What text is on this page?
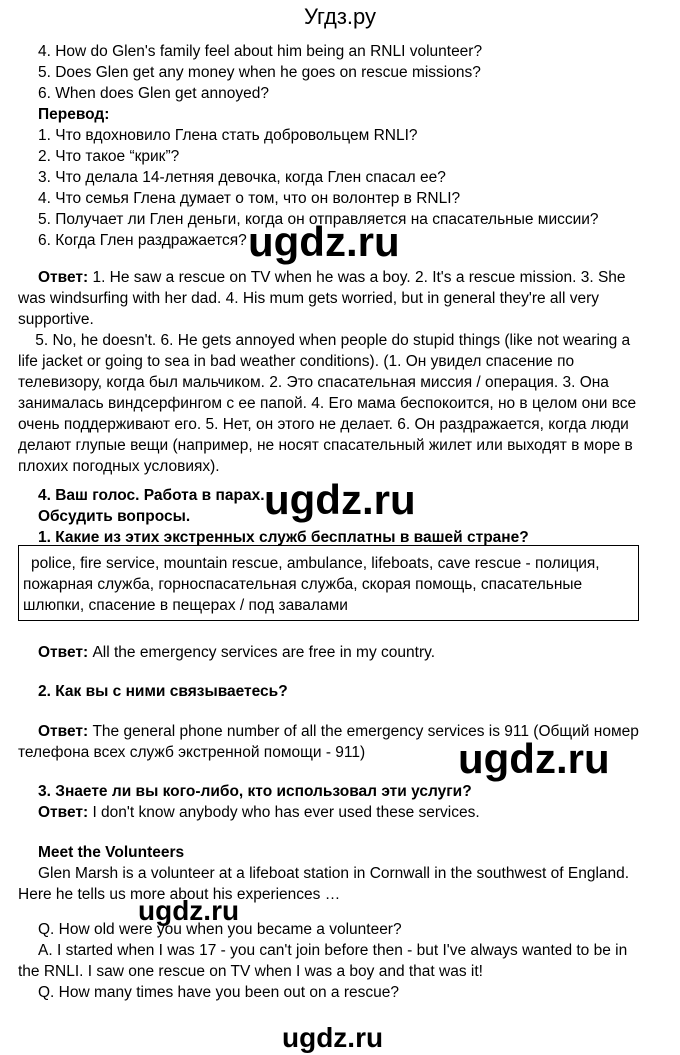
Угдз.ру
4. How do Glen's family feel about him being an RNLI volunteer?
5. Does Glen get any money when he goes on rescue missions?
6. When does Glen get annoyed?
Перевод:
1. Что вдохновило Глена стать добровольцем RNLI?
2. Что такое “крик”?
3. Что делала 14-летняя девочка, когда Глен спасал ее?
4. Что семья Глена думает о том, что он волонтер в RNLI?
5. Получает ли Глен деньги, когда он отправляется на спасательные миссии?
6. Когда Глен раздражается?
Ответ: 1. He saw a rescue on TV when he was a boy. 2. It's a rescue mission. 3. She
was windsurfing with her dad. 4. His mum gets worried, but in general they're all very
supportive.
5. No, he doesn't. 6. He gets annoyed when people do stupid things (like not wearing a
life jacket or going to sea in bad weather conditions). (1. Он увидел спасение по
телевизору, когда был мальчиком. 2. Это спасательная миссия / операция. 3. Она
занималась виндсерфингом с ее папой. 4. Его мама беспокоится, но в целом они все
очень поддерживают его. 5. Нет, он этого не делает. 6. Он раздражается, когда люди
делают глупые вещи (например, не носят спасательный жилет или выходят в море в
плохих погодных условиях).
4. Ваш голос. Работа в парах.
Обсудить вопросы.
1. Какие из этих экстренных служб бесплатны в вашей стране?
police, fire service, mountain rescue, ambulance, lifeboats, cave rescue - полиция,
пожарная служба, горноспасательная служба, скорая помощь, спасательные
шлюпки, спасение в пещерах / под завалами
Ответ: All the emergency services are free in my country.
2. Как вы с ними связываетесь?
Ответ: The general phone number of all the emergency services is 911 (Общий номер
телефона всех служб экстренной помощи - 911)
3. Знаете ли вы кого-либо, кто использовал эти услуги?
Ответ: I don't know anybody who has ever used these services.
Meet the Volunteers
Glen Marsh is a volunteer at a lifeboat station in Cornwall in the southwest of England.
Here he tells us more about his experiences …
Q. How old were you when you became a volunteer?
A. I started when I was 17 - you can't join before then - but I've always wanted to be in
the RNLI. I saw one rescue on TV when I was a boy and that was it!
Q. How many times have you been out on a rescue?
ugdz.ru
ugdz.ru
ugdz.ru
ugdz.ru
ugdz.ru
